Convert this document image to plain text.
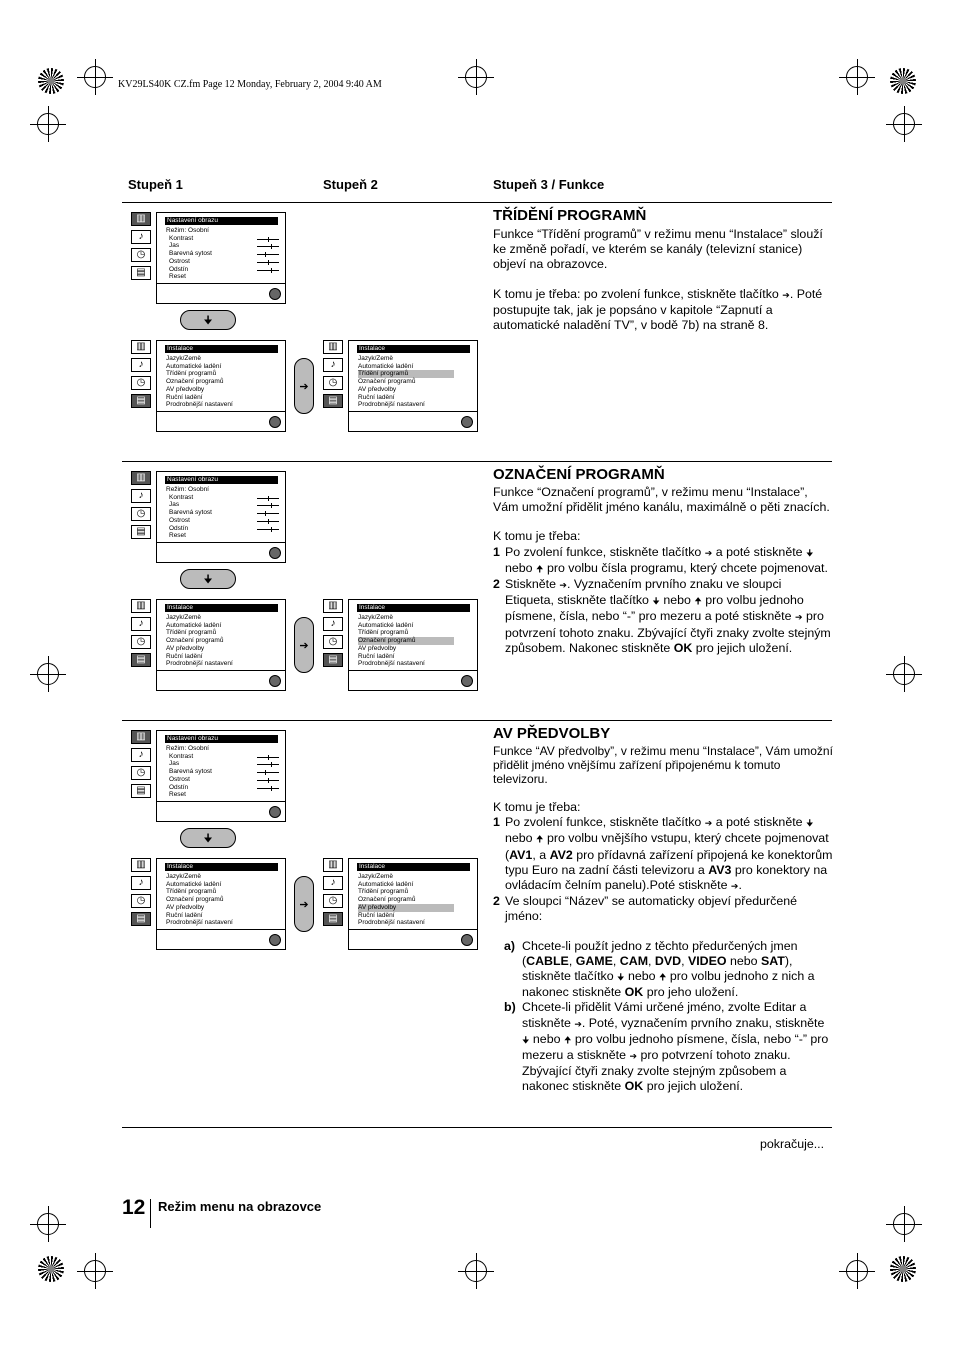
KV29LS40K CZ.fm Page 12 Monday, February 2, 2004 9:40 AM
Stupeň 1	Stupeň 2	Stupeň 3 / Funkce
▥
♪
◷
▤
Nastavení obrazu
Režim: Osobní
Kontrast
Jas
Barevná sytost
Ostrost
Odstín
Reset
🠋
▥
♪
◷
▤
Instalace
Jazyk/Země
Automatické ladění
Třídění programů
Označení programů
AV předvolby
Ruční ladění
Prodrobnější nastavení
➔
▥
♪
◷
▤
Instalace
Jazyk/Země
Automatické ladění
Třídění programů
Označení programů
AV předvolby
Ruční ladění
Prodrobnější nastavení
▥
♪
◷
▤
Nastavení obrazu
Režim: Osobní
Kontrast
Jas
Barevná sytost
Ostrost
Odstín
Reset
🠋
▥
♪
◷
▤
Instalace
Jazyk/Země
Automatické ladění
Třídění programů
Označení programů
AV předvolby
Ruční ladění
Prodrobnější nastavení
➔
▥
♪
◷
▤
Instalace
Jazyk/Země
Automatické ladění
Třídění programů
Označení programů
AV předvolby
Ruční ladění
Prodrobnější nastavení
▥
♪
◷
▤
Nastavení obrazu
Režim: Osobní
Kontrast
Jas
Barevná sytost
Ostrost
Odstín
Reset
🠋
▥
♪
◷
▤
Instalace
Jazyk/Země
Automatické ladění
Třídění programů
Označení programů
AV předvolby
Ruční ladění
Prodrobnější nastavení
➔
▥
♪
◷
▤
Instalace
Jazyk/Země
Automatické ladění
Třídění programů
Označení programů
AV předvolby
Ruční ladění
Prodrobnější nastavení
TŘÍDĚNÍ PROGRAMŇ

Funkce “Třídění programů” v režimu menu “Instalace” slouží ke změně pořadí, ve kterém se kanály (televizní stanice) objeví na obrazovce.

K tomu je třeba: po zvolení funkce, stiskněte tlačítko ➔. Poté postupujte tak, jak je popsáno v kapitole “Zapnutí a automatické naladění TV”, v bodě 7b) na straně 8.

OZNAČENÍ PROGRAMŇ

Funkce “Označení programů”, v režimu menu “Instalace”, Vám umožní přidělit jméno kanálu, maximálně o pěti znacích.

K tomu je třeba:

1 Po zvolení funkce, stiskněte tlačítko ➔ a poté stiskněte 🠋 nebo 🠉 pro volbu čísla programu, který chcete pojmenovat.
2 Stiskněte ➔. Vyznačením prvního znaku ve sloupci Etiqueta, stiskněte tlačítko 🠋 nebo 🠉 pro volbu jednoho písmene, čísla, nebo “-” pro mezeru a poté stiskněte ➔ pro potvrzení tohoto znaku. Zbývající čtyři znaky zvolte stejným způsobem. Nakonec stiskněte OK pro jejich uložení.
AV PŘEDVOLBY

Funkce “AV předvolby”, v režimu menu “Instalace”, Vám umožní přidělit jméno vnějšímu zařízení připojenému k tomuto televizoru.

K tomu je třeba:

1 Po zvolení funkce, stiskněte tlačítko ➔ a poté stiskněte 🠋 nebo 🠉 pro volbu vnějšího vstupu, který chcete pojmenovat (AV1, a AV2 pro přídavná zařízení připojená ke konektorům typu Euro na zadní části televizoru a AV3 pro konektory na ovládacím čelním panelu).Poté stiskněte ➔.
2 Ve sloupci “Název” se automaticky objeví předurčené jméno:
a) Chcete-li použít jedno z těchto předurčených jmen (CABLE, GAME, CAM, DVD, VIDEO nebo SAT), stiskněte tlačítko 🠋 nebo 🠉 pro volbu jednoho z nich a nakonec stiskněte OK pro jeho uložení.
b) Chcete-li přidělit Vámi určené jméno, zvolte Editar a stiskněte ➔. Poté, vyznačením prvního znaku, stiskněte 🠋 nebo 🠉 pro volbu jednoho písmene, čísla, nebo “-” pro mezeru a stiskněte ➔ pro potvrzení tohoto znaku. Zbývající čtyři znaky zvolte stejným způsobem a nakonec stiskněte OK pro jejich uložení.
pokračuje...
12 Režim menu na obrazovce
